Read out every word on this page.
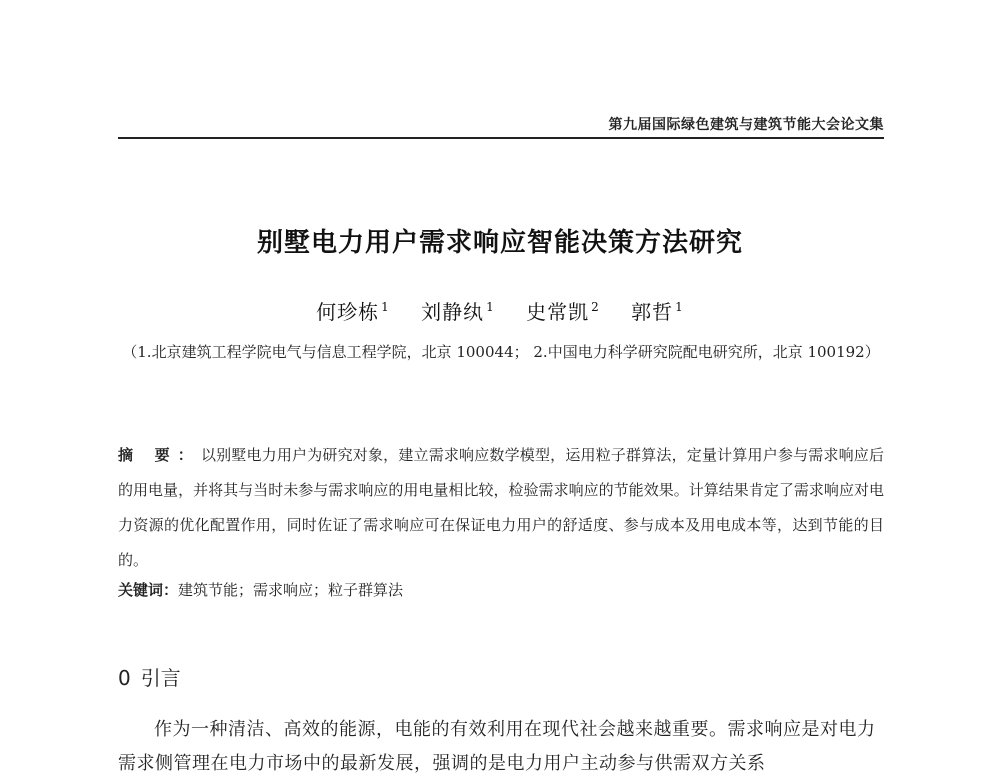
第九届国际绿色建筑与建筑节能大会论文集
别墅电力用户需求响应智能决策方法研究
何珍栋 $^1$ 刘静纨 $^1$ 史常凯 $^2$ 郭哲 $^1$
（1.北京建筑工程学院电气与信息工程学院，北京 100044； 2.中国电力科学研究院配电研究所，北京 100192）
摘 要：以别墅电力用户为研究对象，建立需求响应数学模型，运用粒子群算法，定量计算用户参与需求响应后的用电量，并将其与当时未参与需求响应的用电量相比较，检验需求响应的节能效果。计算结果肯定了需求响应对电力资源的优化配置作用，同时佐证了需求响应可在保证电力用户的舒适度、参与成本及用电成本等，达到节能的目的。
关键词：建筑节能；需求响应；粒子群算法
0 引言
作为一种清洁、高效的能源，电能的有效利用在现代社会越来越重要。需求响应是对电力需求侧管理在电力市场中的最新发展，强调的是电力用户主动参与供需双方关系
